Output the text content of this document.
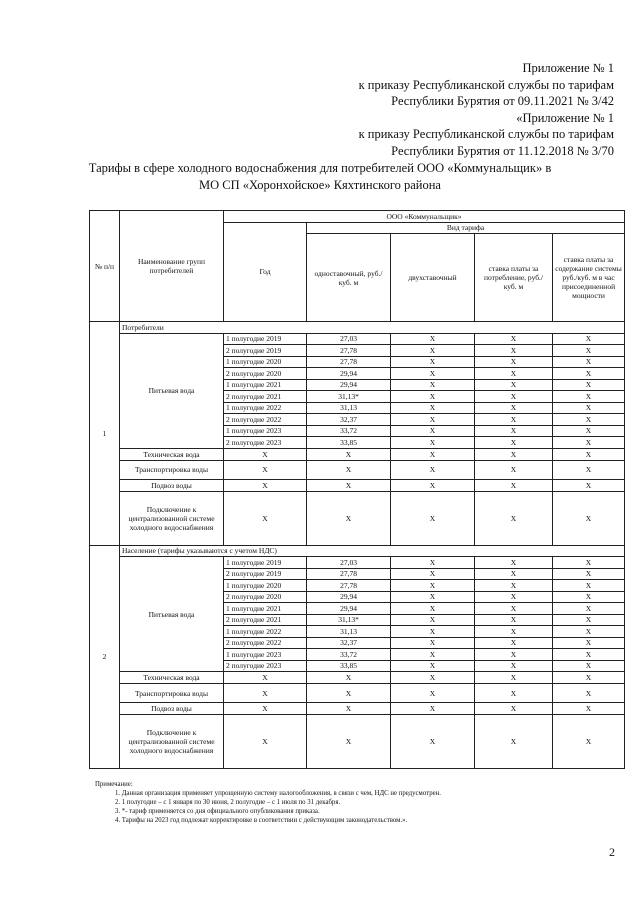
Приложение № 1
к приказу Республиканской службы по тарифам
Республики Бурятия от 09.11.2021 № 3/42
«Приложение № 1
к приказу Республиканской службы по тарифам
Республики Бурятия от 11.12.2018 № 3/70
Тарифы в сфере холодного водоснабжения для потребителей ООО «Коммунальщик» в
МО СП «Хоронхойское» Кяхтинского района
№ п/п	Наименование групп потребителей	ООО «Коммунальщик»				
		Год	Вид тарифа			
			одноставочный, руб./ куб. м	двухставочный	ставка платы за потребление, руб./ куб. м	ставка платы за содержание системы руб./куб. м в час присоединенной мощности
1	Потребители					
	Питьевая вода	1 полугодие 2019	27,03	X	X	X
		2 полугодие 2019	27,78	X	X	X
		1 полугодие 2020	27,78	X	X	X
		2 полугодие 2020	29,94	X	X	X
		1 полугодие 2021	29,94	X	X	X
		2 полугодие 2021	31,13*	X	X	X
		1 полугодие 2022	31,13	X	X	X
		2 полугодие 2022	32,37	X	X	X
		1 полугодие 2023	33,72	X	X	X
		2 полугодие 2023	33,85	X	X	X
	Техническая вода	X	X	X	X	X
	Транспортировка воды	X	X	X	X	X
	Подвоз воды	X	X	X	X	X
	Подключение к централизованной системе холодного водоснабжения	X	X	X	X	X
2	Население (тарифы указываются с учетом НДС)					
	Питьевая вода	1 полугодие 2019	27,03	X	X	X
		2 полугодие 2019	27,78	X	X	X
		1 полугодие 2020	27,78	X	X	X
		2 полугодие 2020	29,94	X	X	X
		1 полугодие 2021	29,94	X	X	X
		2 полугодие 2021	31,13*	X	X	X
		1 полугодие 2022	31,13	X	X	X
		2 полугодие 2022	32,37	X	X	X
		1 полугодие 2023	33,72	X	X	X
		2 полугодие 2023	33,85	X	X	X
	Техническая вода	X	X	X	X	X
	Транспортировка воды	X	X	X	X	X
	Подвоз воды	X	X	X	X	X
	Подключение к централизованной системе холодного водоснабжения	X	X	X	X	X
Примечание:
1. Данная организация применяет упрощенную систему налогообложения, в связи с чем, НДС не предусмотрен.
2. 1 полугодие – с 1 января по 30 июня, 2 полугодие – с 1 июля по 31 декабря.
3. *- тариф применяется со дня официального опубликования приказа.
4. Тарифы на 2023 год подлежат корректировке в соответствии с действующим законодательством.».
2
